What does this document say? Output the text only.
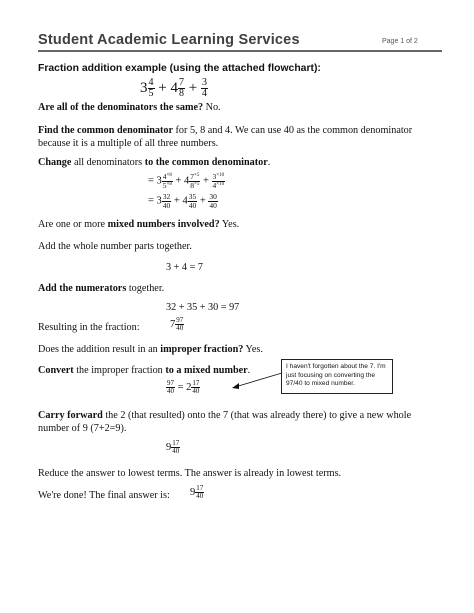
Student Academic Learning Services	Page 1 of 2
Fraction addition example (using the attached flowchart):
$3 \frac{4}{5} + 4 \frac{7}{8} + \frac{3}{4}$
Are all of the denominators the same? No.
Find the common denominator for 5, 8 and 4. We can use 40 as the common denominator
because it is a multiple of all three numbers.
Change all denominators to the common denominator.
= $3 \frac{4^{\times 8}}{5^{\times 8}} + 4 \frac{7^{\times 5}}{8^{\times 5}} + \frac{3^{\times 10}}{4^{\times 10}}$
= $3 \frac{32}{40} + 4 \frac{35}{40} + \frac{30}{40}$
Are one or more mixed numbers involved? Yes.
Add the whole number parts together.
3 + 4 = 7
Add the numerators together.
32 + 35 + 30 = 97
Resulting in the fraction:	$7 \frac{97}{40}$
Does the addition result in an improper fraction? Yes.
Convert the improper fraction to a mixed number.
$\frac{97}{40} = 2 \frac{17}{40}$
I haven't forgotten about the 7. I'm just focusing on converting the 97/40 to mixed number.
Carry forward the 2 (that resulted) onto the 7 (that was already there) to give a new whole
number of 9 (7+2=9).
$9 \frac{17}{40}$
Reduce the answer to lowest terms. The answer is already in lowest terms.
We're done! The final answer is: $9 \frac{17}{40}$
